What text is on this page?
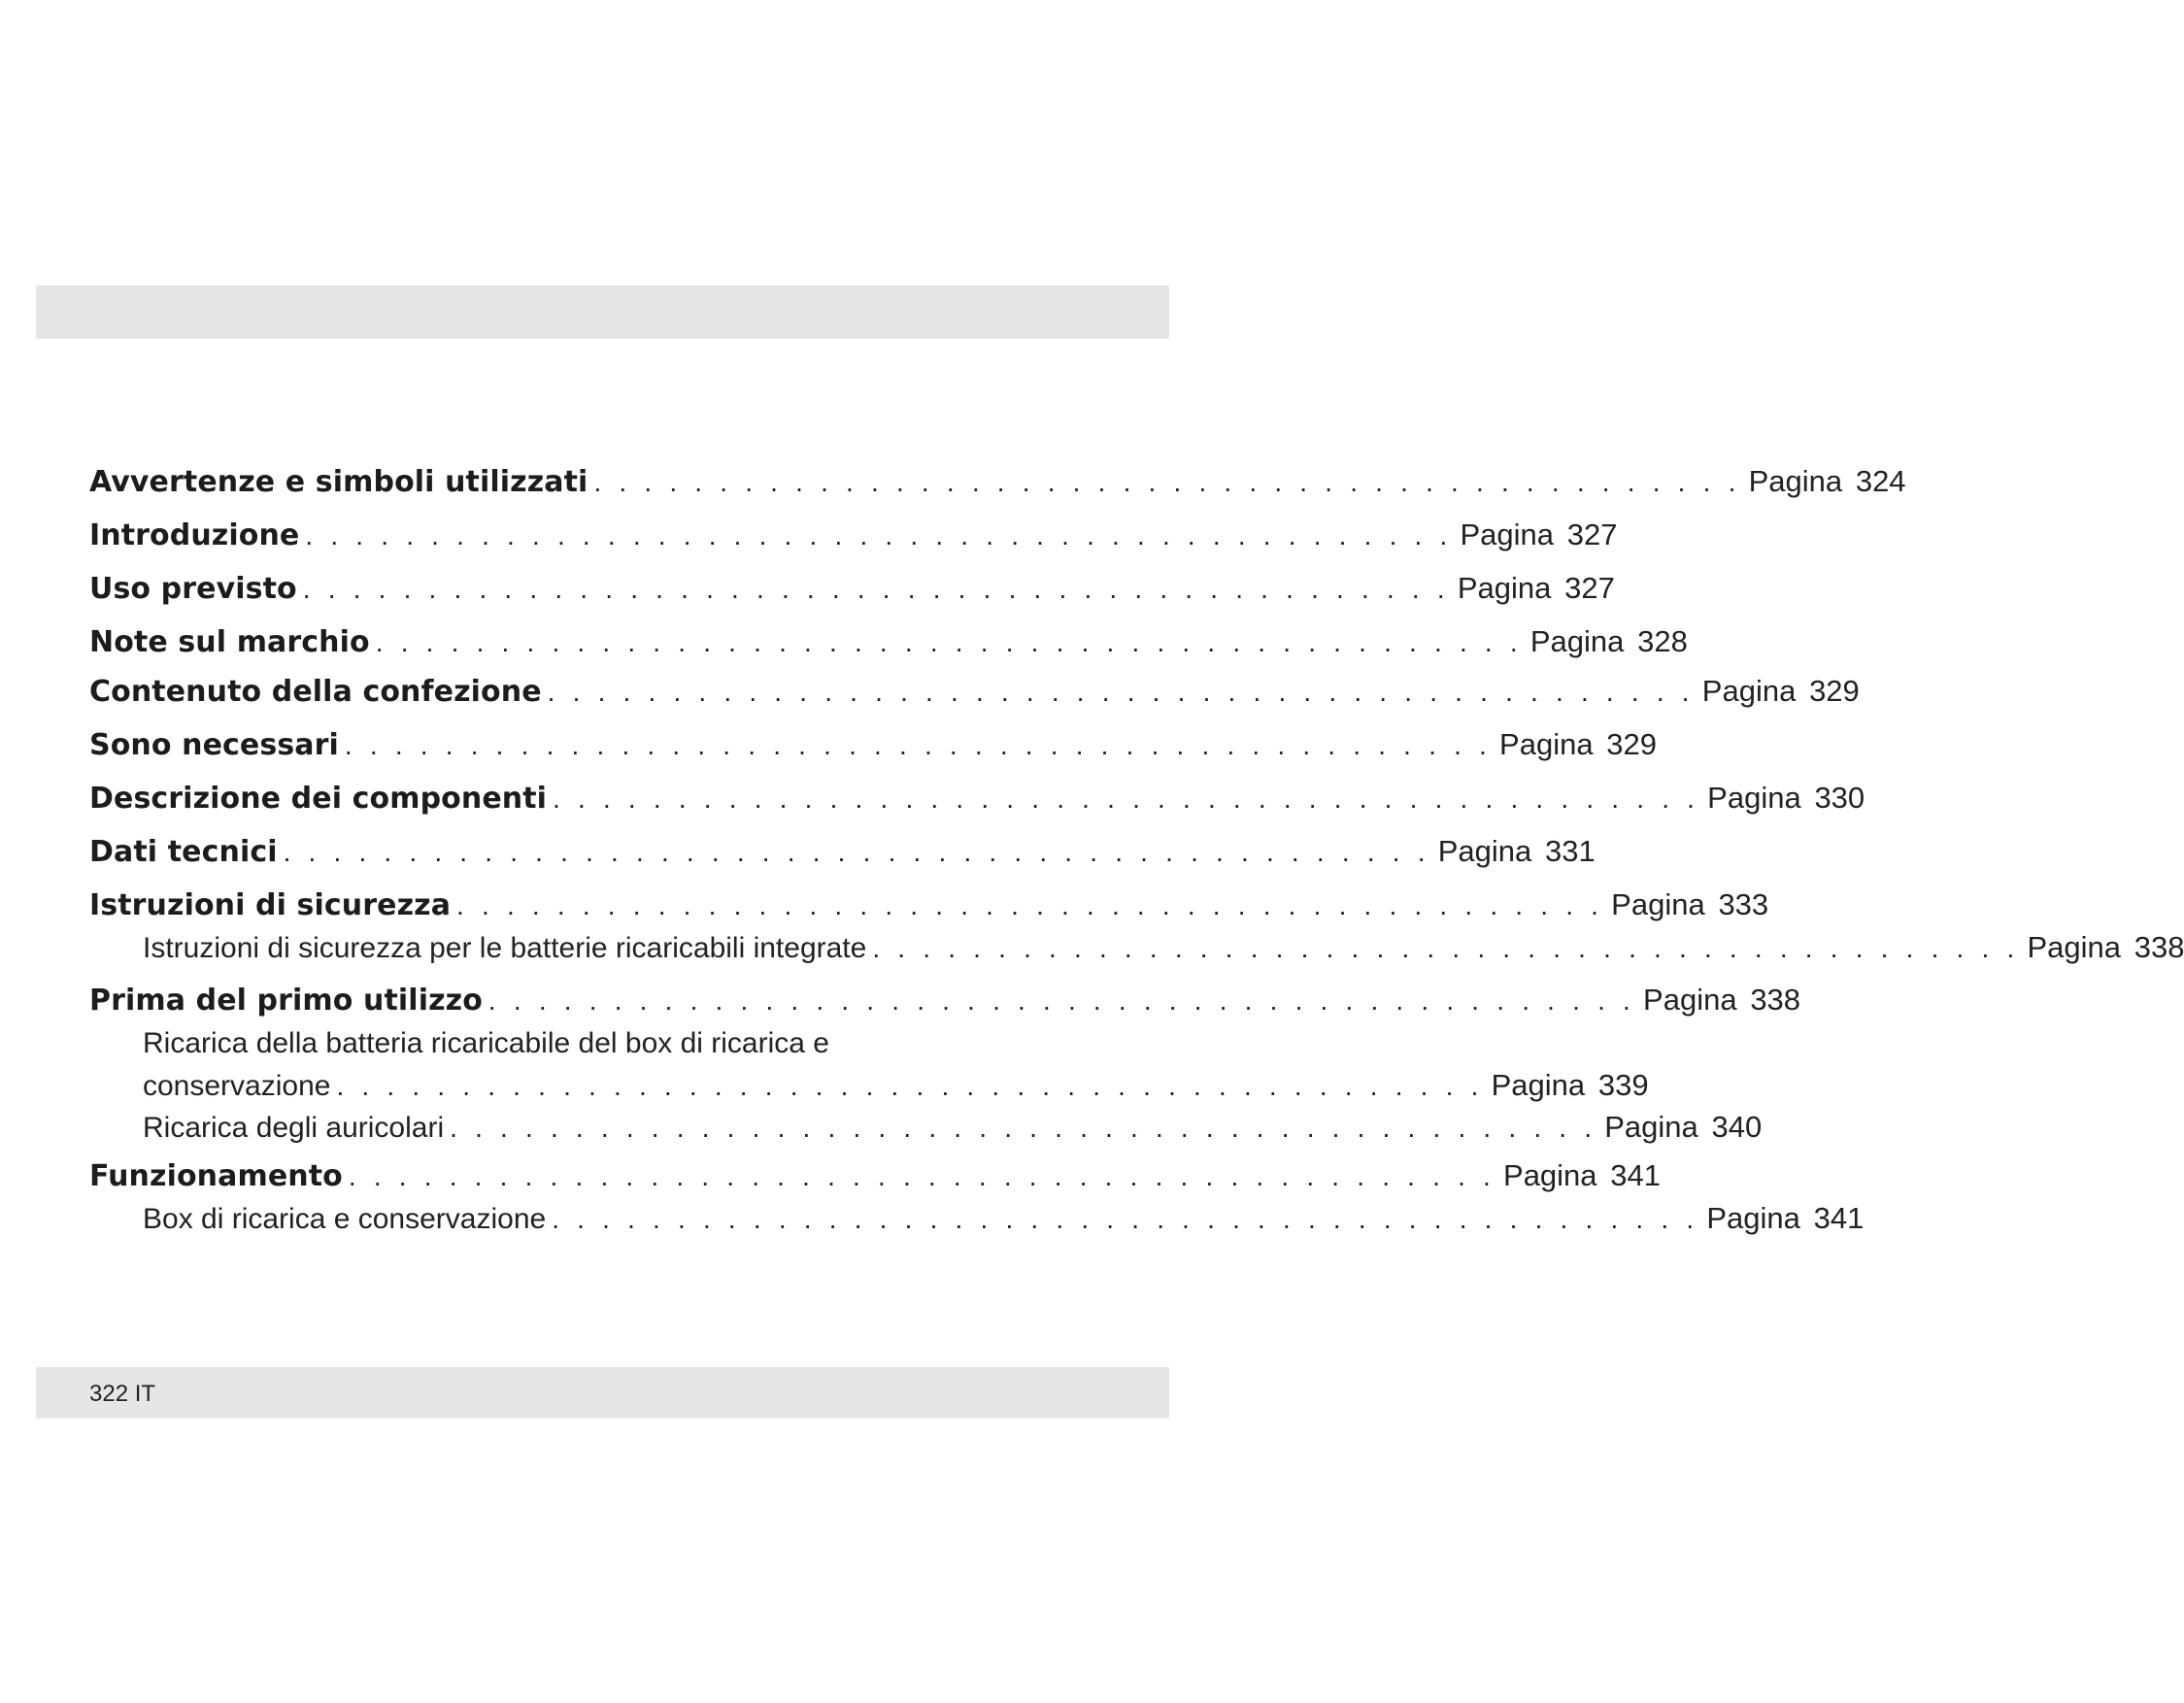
Avvertenze e simboli utilizzati . . . . . . . . . . . . . . . . . . . . . . . . . . . . . . . . . . . . . . . . . . . . . . Pagina 324
Introduzione . . . . . . . . . . . . . . . . . . . . . . . . . . . . . . . . . . . . . . . . . . . . . . Pagina 327
Uso previsto . . . . . . . . . . . . . . . . . . . . . . . . . . . . . . . . . . . . . . . . . . . . . . Pagina 327
Note sul marchio . . . . . . . . . . . . . . . . . . . . . . . . . . . . . . . . . . . . . . . . . . . . . . Pagina 328
Contenuto della confezione . . . . . . . . . . . . . . . . . . . . . . . . . . . . . . . . . . . . . . . . . . . . . . Pagina 329
Sono necessari . . . . . . . . . . . . . . . . . . . . . . . . . . . . . . . . . . . . . . . . . . . . . . Pagina 329
Descrizione dei componenti . . . . . . . . . . . . . . . . . . . . . . . . . . . . . . . . . . . . . . . . . . . . . . Pagina 330
Dati tecnici . . . . . . . . . . . . . . . . . . . . . . . . . . . . . . . . . . . . . . . . . . . . . . Pagina 331
Istruzioni di sicurezza . . . . . . . . . . . . . . . . . . . . . . . . . . . . . . . . . . . . . . . . . . . . . . Pagina 333
Istruzioni di sicurezza per le batterie ricaricabili integrate . . . . . . . . . . . . . . . . . . . . . . . . . . . . . . . . . . . . . . . . . . . . . . Pagina 338
Prima del primo utilizzo . . . . . . . . . . . . . . . . . . . . . . . . . . . . . . . . . . . . . . . . . . . . . . Pagina 338
Ricarica della batteria ricaricabile del box di ricarica e
conservazione . . . . . . . . . . . . . . . . . . . . . . . . . . . . . . . . . . . . . . . . . . . . . . Pagina 339
Ricarica degli auricolari . . . . . . . . . . . . . . . . . . . . . . . . . . . . . . . . . . . . . . . . . . . . . . Pagina 340
Funzionamento . . . . . . . . . . . . . . . . . . . . . . . . . . . . . . . . . . . . . . . . . . . . . . Pagina 341
Box di ricarica e conservazione . . . . . . . . . . . . . . . . . . . . . . . . . . . . . . . . . . . . . . . . . . . . . . Pagina 341
322 IT
